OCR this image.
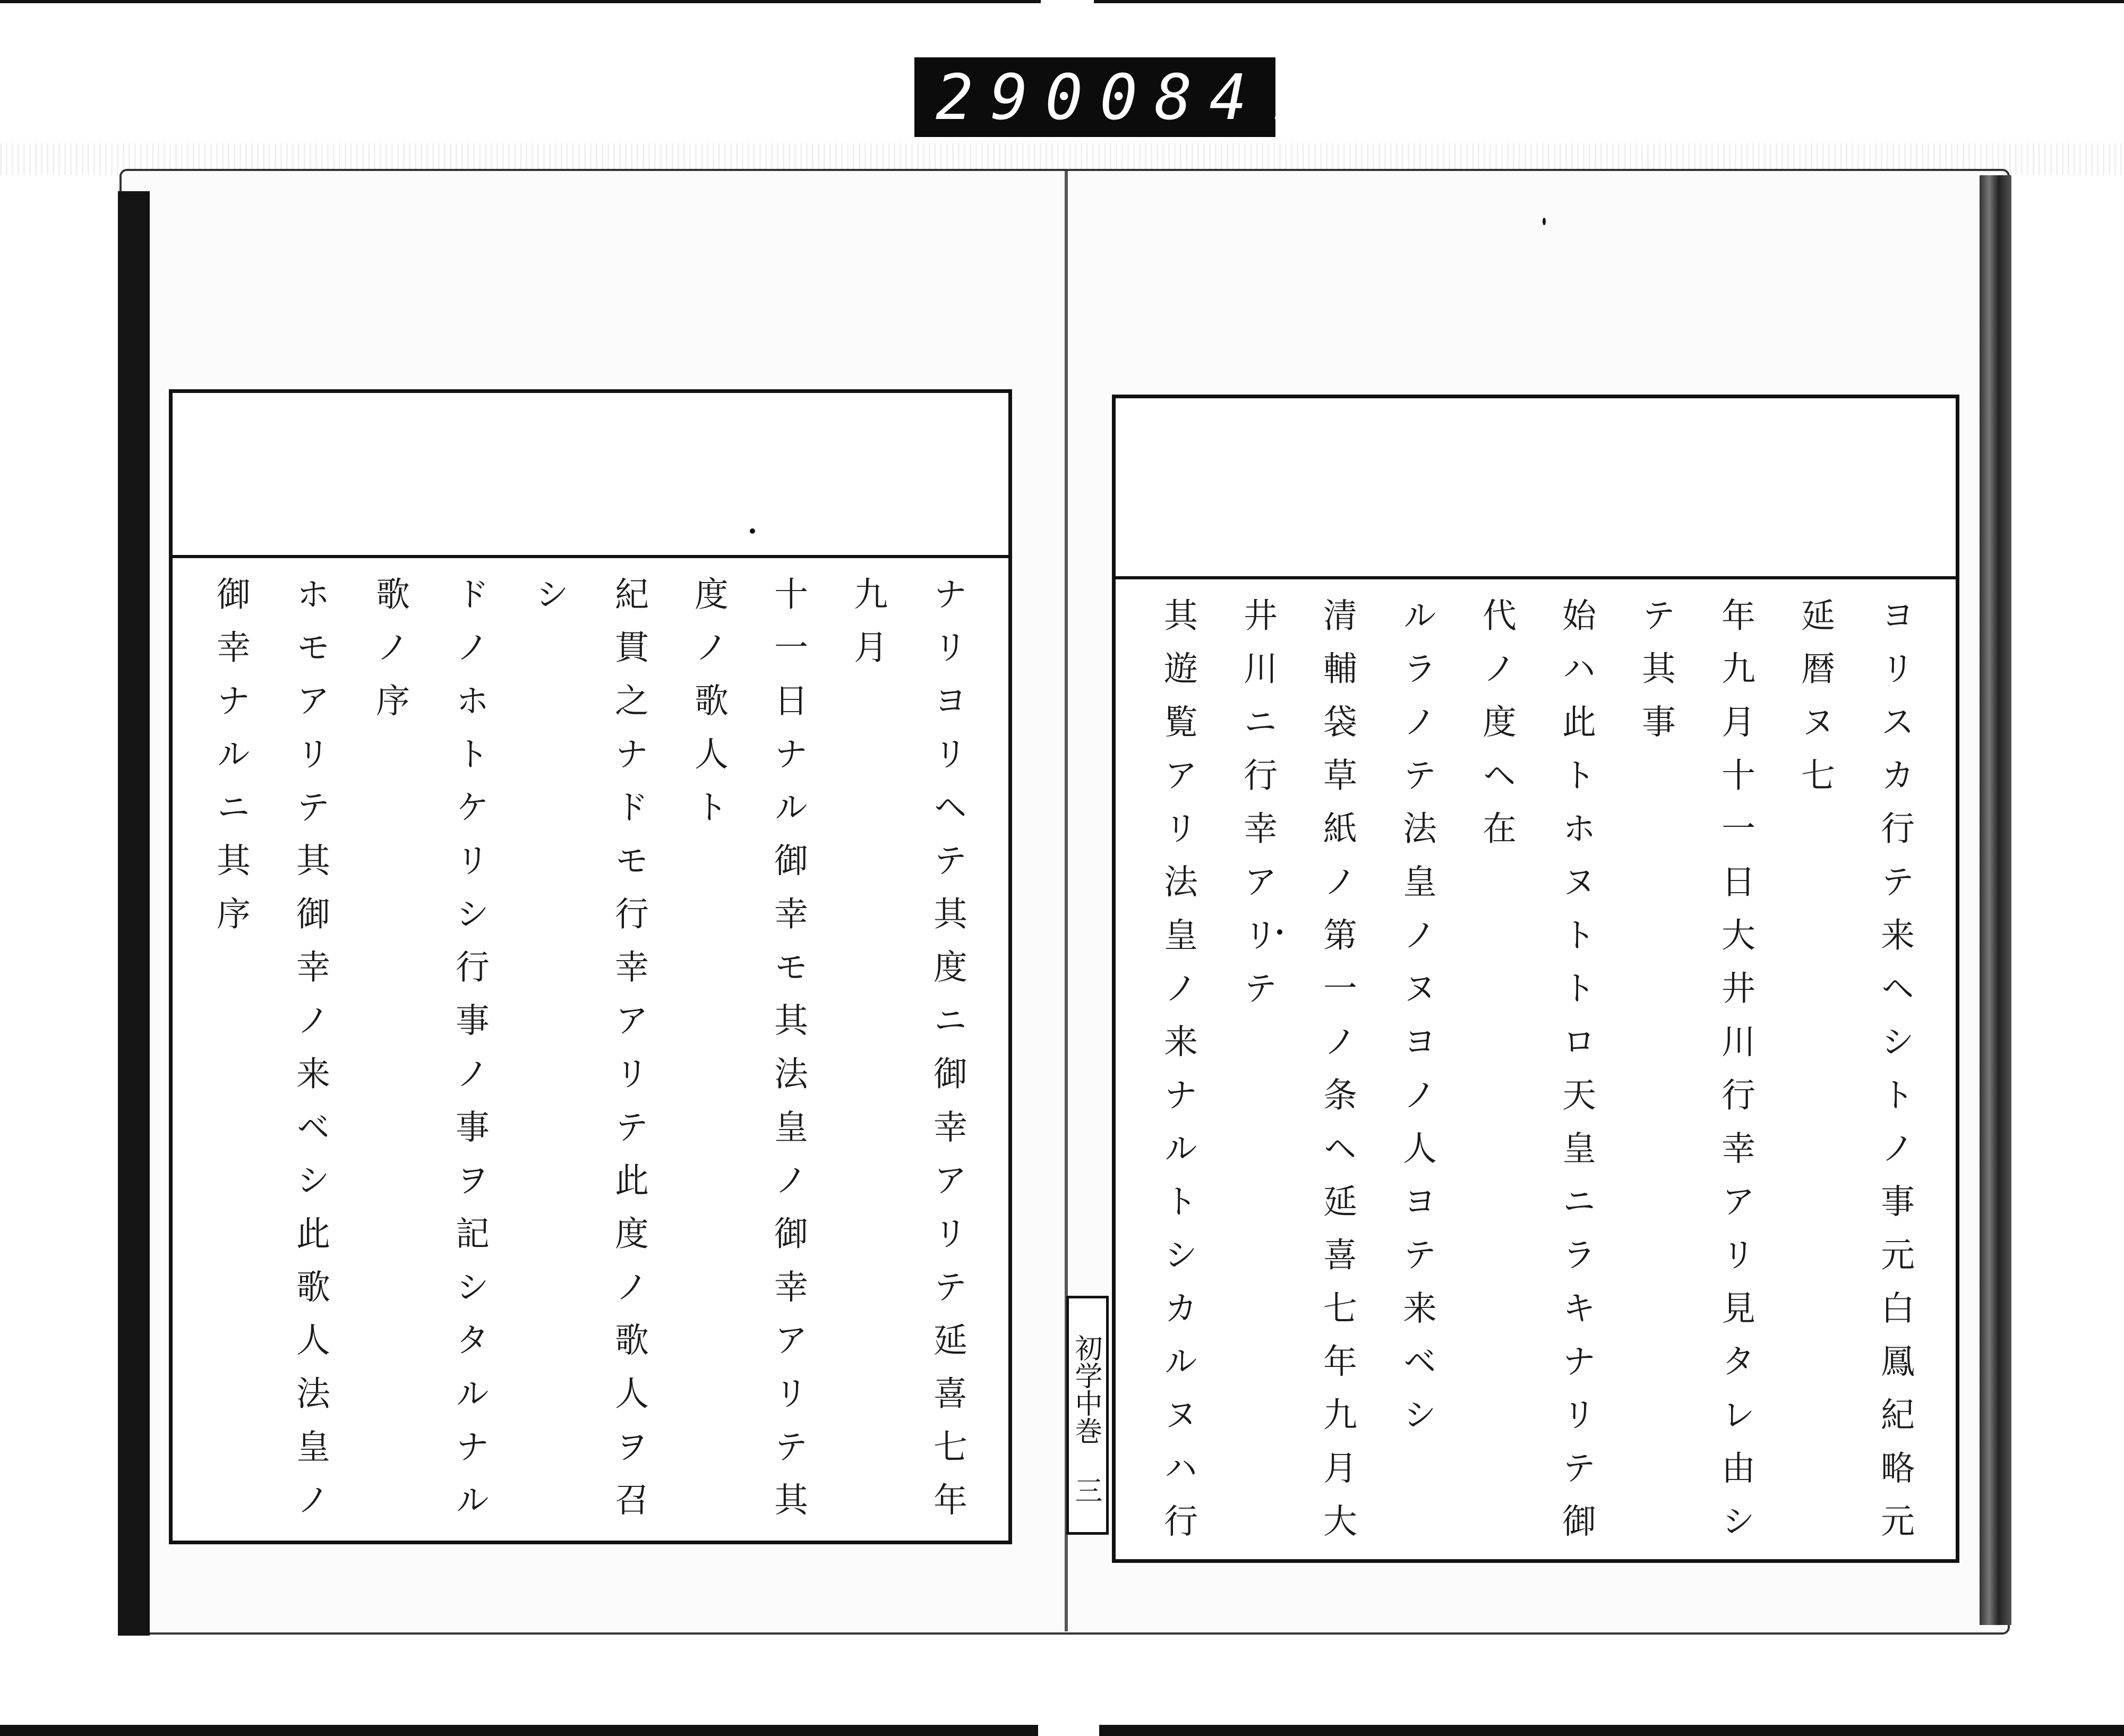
290 084.
ナ リ ヨ リ ヘ テ 其 度 ニ 御 幸 ア リ テ 延 喜 七 年 九 月
十 一 日 ナ ル 御 幸 モ 其 法 皇 ノ 御 幸 ア リ テ 其 度 ノ 歌 人 ト
紀 貫 之 ナ ド モ 行 幸 ア リ テ 此 度 ノ 歌 人 ヲ 召 シ
ド ノ ホ ト ケ リ シ 行 事 ノ 事 ヲ 記 シ タ ル ナ ル 歌 ノ 序
ホ モ ア リ テ 其 御 幸 ノ 来 ベ シ 此 歌 人 法 皇 ノ 御 幸 ナ ル ニ 其 序	ヨ リ ス カ 行 テ 来 ヘ シ ト ノ 事 元 白 鳳 紀 略 元 延 暦 ヌ 七
年 九 月 十 一 日 大 井 川 行 幸 ア リ 見 タ レ 由 シ テ 其 事
始 ハ 此 ト ホ ヌ ト ト ロ 天 皇 ニ ラ キ ナ リ テ 御 代 ノ 度 ヘ 在
ル ラ ノ テ 法 皇 ノ ヌ ヨ ノ 人 ヨ テ 来 ベ シ
清 輔 袋 草 紙 ノ 第 一 ノ 条 ヘ 延 喜 七 年 九 月 大 井 川 ニ 行 幸 ア リ テ
其 遊 覧 ア リ 法 皇 ノ 来 ナ ル ト シ カ ル ヌ ハ 行
初学中巻
三
